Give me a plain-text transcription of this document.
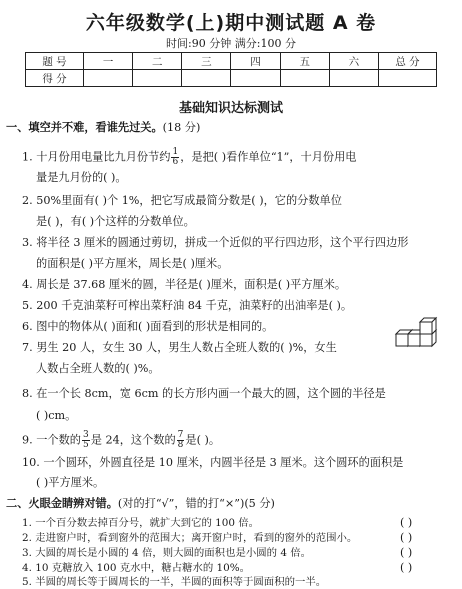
六年级数学(上)期中测试题 A 卷
时间:90 分钟 满分:100 分
题 号	一	二	三	四	五	六	总 分
得 分							
基础知识达标测试
一、填空并不难，看谁先过关。(18 分)
1. 十月份用电量比九月份节约 $\frac{1}{6}$ ，是把( )看作单位“1”，十月份用电
量是九月份的( )。
2. 50%里面有( )个 1%，把它写成最简分数是( )，它的分数单位
是( )，有( )个这样的分数单位。
3. 将半径 3 厘米的圆通过剪切，拼成一个近似的平行四边形，这个平行四边形
的面积是( )平方厘米，周长是( )厘米。
4. 周长是 37.68 厘米的圆，半径是( )厘米，面积是( )平方厘米。
5. 200 千克油菜籽可榨出菜籽油 84 千克，油菜籽的出油率是( )。
6. 图中的物体从( )面和( )面看到的形状是相同的。
7. 男生 20 人，女生 30 人，男生人数占全班人数的( )%，女生
人数占全班人数的( )%。
8. 在一个长 8cm，宽 6cm 的长方形内画一个最大的圆，这个圆的半径是
( )cm。
9. 一个数的 $\frac{3}{5}$ 是 24，这个数的 $\frac{7}{8}$ 是( )。
10. 一个圆环，外圆直径是 10 厘米，内圆半径是 3 厘米。这个圆环的面积是
( )平方厘米。
二、火眼金睛辨对错。(对的打“√”，错的打“×”)(5 分)
1. 一个百分数去掉百分号，就扩大到它的 100 倍。	( )
2. 走进窗户时，看到窗外的范围大；离开窗户时，看到的窗外的范围小。	( )
3. 大圆的周长是小圆的 4 倍，则大圆的面积也是小圆的 4 倍。	( )
4. 10 克糖放入 100 克水中，糖占糖水的 10%。	( )
5. 半圆的周长等于圆周长的一半，半圆的面积等于圆面积的一半。
